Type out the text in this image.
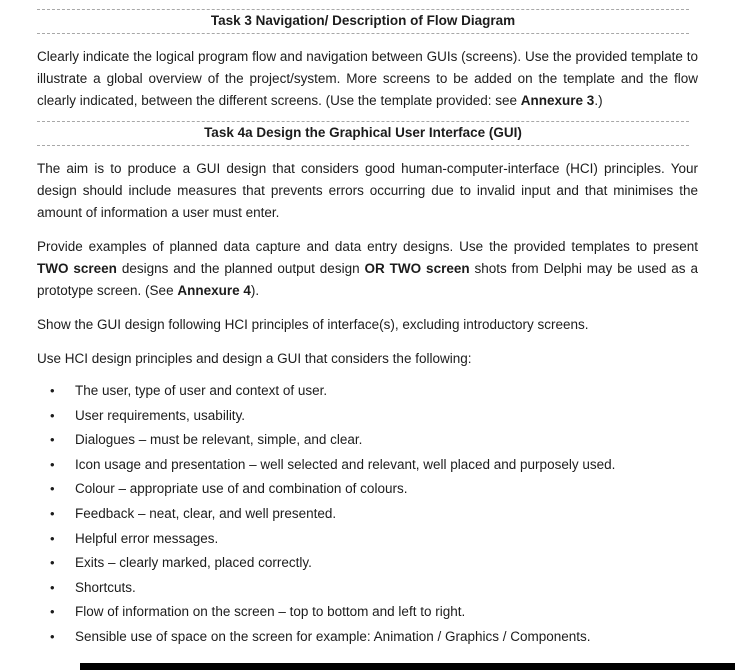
Task 3 Navigation/ Description of Flow Diagram

Clearly indicate the logical program flow and navigation between GUIs (screens). Use the provided template to illustrate a global overview of the project/system. More screens to be added on the template and the flow clearly indicated, between the different screens. (Use the template provided: see Annexure 3.)

Task 4a Design the Graphical User Interface (GUI)

The aim is to produce a GUI design that considers good human-computer-interface (HCI) principles. Your design should include measures that prevents errors occurring due to invalid input and that minimises the amount of information a user must enter.

Provide examples of planned data capture and data entry designs. Use the provided templates to present TWO screen designs and the planned output design OR TWO screen shots from Delphi may be used as a prototype screen. (See Annexure 4).

Show the GUI design following HCI principles of interface(s), excluding introductory screens.

Use HCI design principles and design a GUI that considers the following:

•	The user, type of user and context of user.
•	User requirements, usability.
•	Dialogues – must be relevant, simple, and clear.
•	Icon usage and presentation – well selected and relevant, well placed and purposely used.
•	Colour – appropriate use of and combination of colours.
•	Feedback – neat, clear, and well presented.
•	Helpful error messages.
•	Exits – clearly marked, placed correctly.
•	Shortcuts.
•	Flow of information on the screen – top to bottom and left to right.
•	Sensible use of space on the screen for example: Animation / Graphics / Components.
